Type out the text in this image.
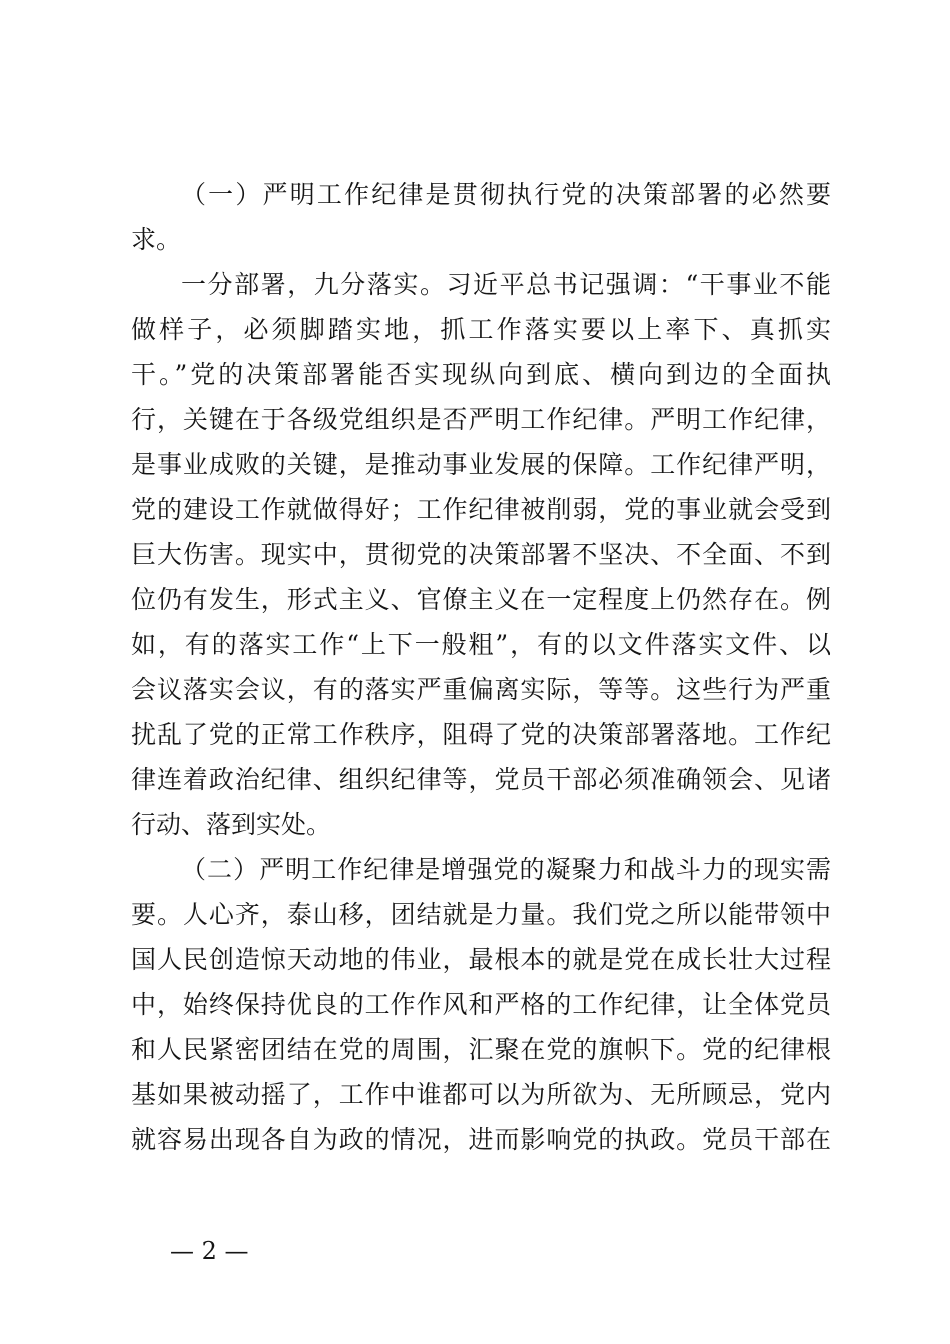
（一）严明工作纪律是贯彻执行党的决策部署的必然要
求。
一分部署，九分落实。习近平总书记强调：“干事业不能
做样子，必须脚踏实地，抓工作落实要以上率下、真抓实
干。”党的决策部署能否实现纵向到底、横向到边的全面执
行，关键在于各级党组织是否严明工作纪律。严明工作纪律，
是事业成败的关键，是推动事业发展的保障。工作纪律严明，
党的建设工作就做得好；工作纪律被削弱，党的事业就会受到
巨大伤害。现实中，贯彻党的决策部署不坚决、不全面、不到
位仍有发生，形式主义、官僚主义在一定程度上仍然存在。例
如，有的落实工作“上下一般粗”，有的以文件落实文件、以
会议落实会议，有的落实严重偏离实际，等等。这些行为严重
扰乱了党的正常工作秩序，阻碍了党的决策部署落地。工作纪
律连着政治纪律、组织纪律等，党员干部必须准确领会、见诸
行动、落到实处。
（二）严明工作纪律是增强党的凝聚力和战斗力的现实需
要。人心齐，泰山移，团结就是力量。我们党之所以能带领中
国人民创造惊天动地的伟业，最根本的就是党在成长壮大过程
中，始终保持优良的工作作风和严格的工作纪律，让全体党员
和人民紧密团结在党的周围，汇聚在党的旗帜下。党的纪律根
基如果被动摇了，工作中谁都可以为所欲为、无所顾忌，党内
就容易出现各自为政的情况，进而影响党的执政。党员干部在
— 2 —
